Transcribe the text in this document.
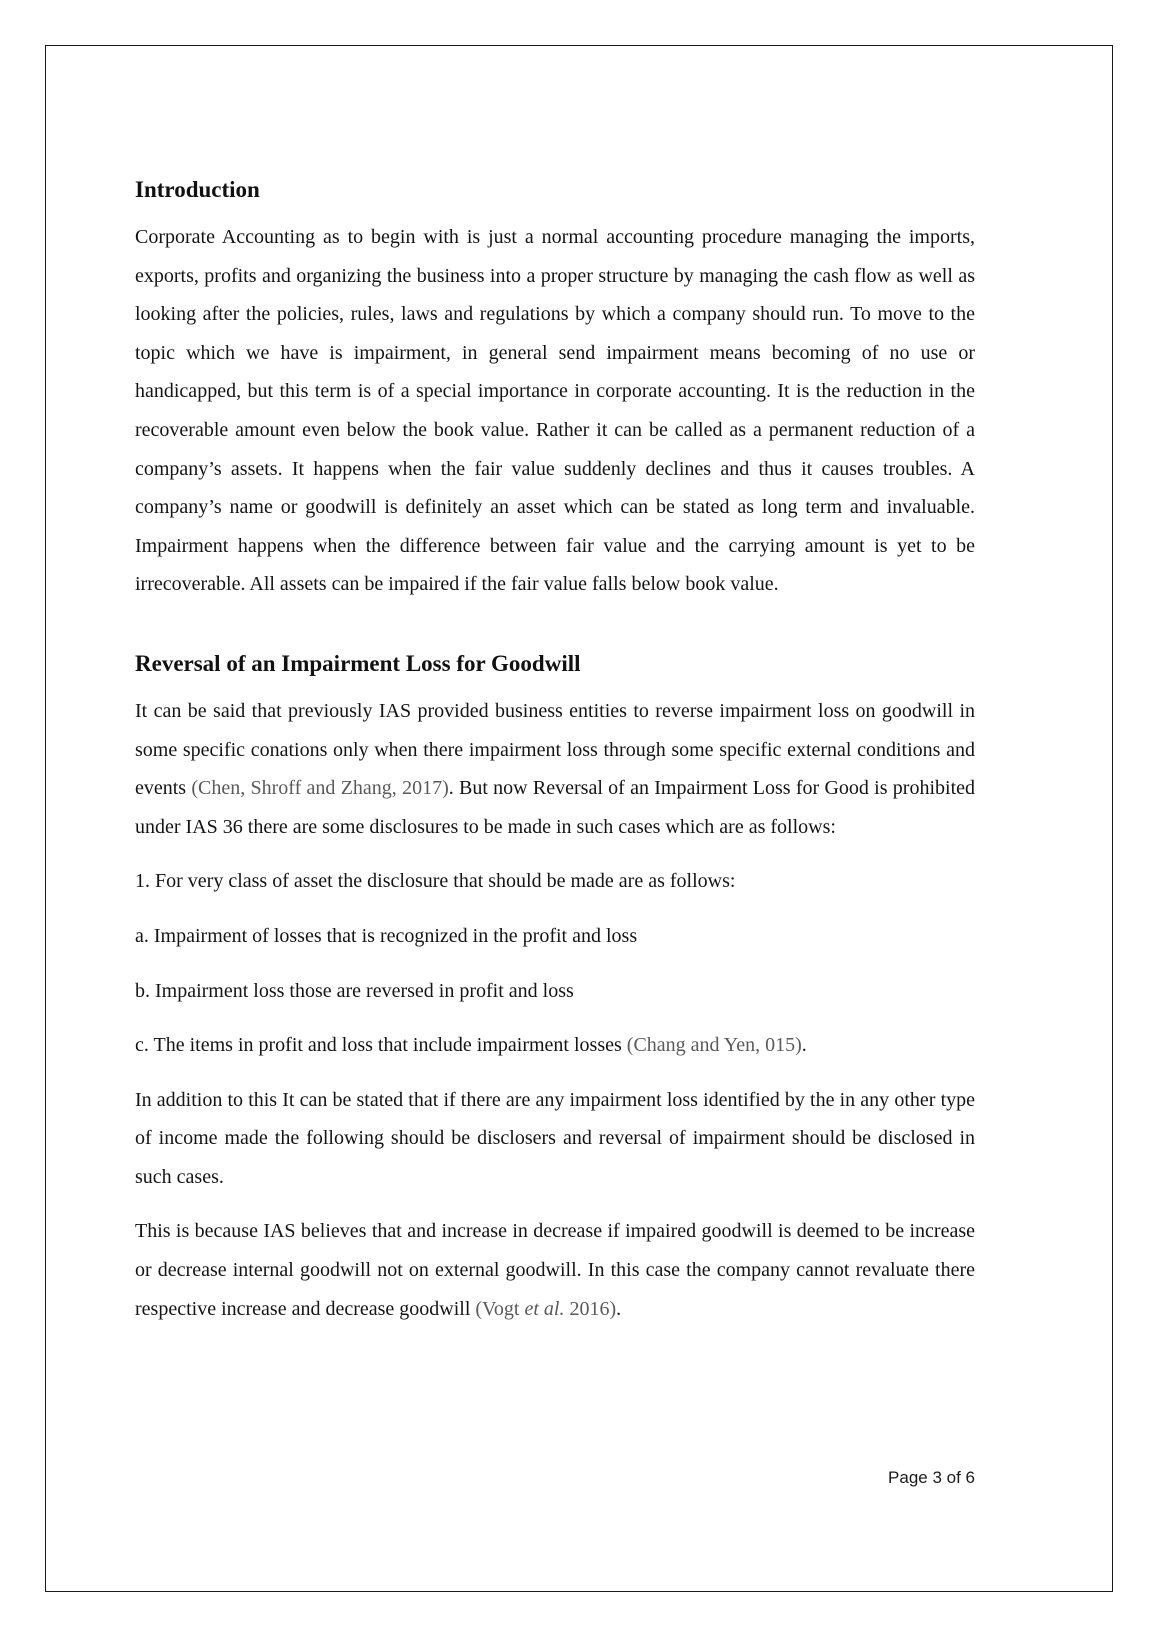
Introduction

Corporate Accounting as to begin with is just a normal accounting procedure managing the imports, exports, profits and organizing the business into a proper structure by managing the cash flow as well as looking after the policies, rules, laws and regulations by which a company should run. To move to the topic which we have is impairment, in general send impairment means becoming of no use or handicapped, but this term is of a special importance in corporate accounting. It is the reduction in the recoverable amount even below the book value. Rather it can be called as a permanent reduction of a company’s assets. It happens when the fair value suddenly declines and thus it causes troubles. A company’s name or goodwill is definitely an asset which can be stated as long term and invaluable. Impairment happens when the difference between fair value and the carrying amount is yet to be irrecoverable. All assets can be impaired if the fair value falls below book value.

Reversal of an Impairment Loss for Goodwill

It can be said that previously IAS provided business entities to reverse impairment loss on goodwill in some specific conations only when there impairment loss through some specific external conditions and events (Chen, Shroff and Zhang, 2017). But now Reversal of an Impairment Loss for Good is prohibited under IAS 36 there are some disclosures to be made in such cases which are as follows:

1. For very class of asset the disclosure that should be made are as follows:

a. Impairment of losses that is recognized in the profit and loss

b. Impairment loss those are reversed in profit and loss

c. The items in profit and loss that include impairment losses (Chang and Yen, 015).

In addition to this It can be stated that if there are any impairment loss identified by the in any other type of income made the following should be disclosers and reversal of impairment should be disclosed in such cases.

This is because IAS believes that and increase in decrease if impaired goodwill is deemed to be increase or decrease internal goodwill not on external goodwill. In this case the company cannot revaluate there respective increase and decrease goodwill (Vogt et al. 2016).

Page 3 of 6
